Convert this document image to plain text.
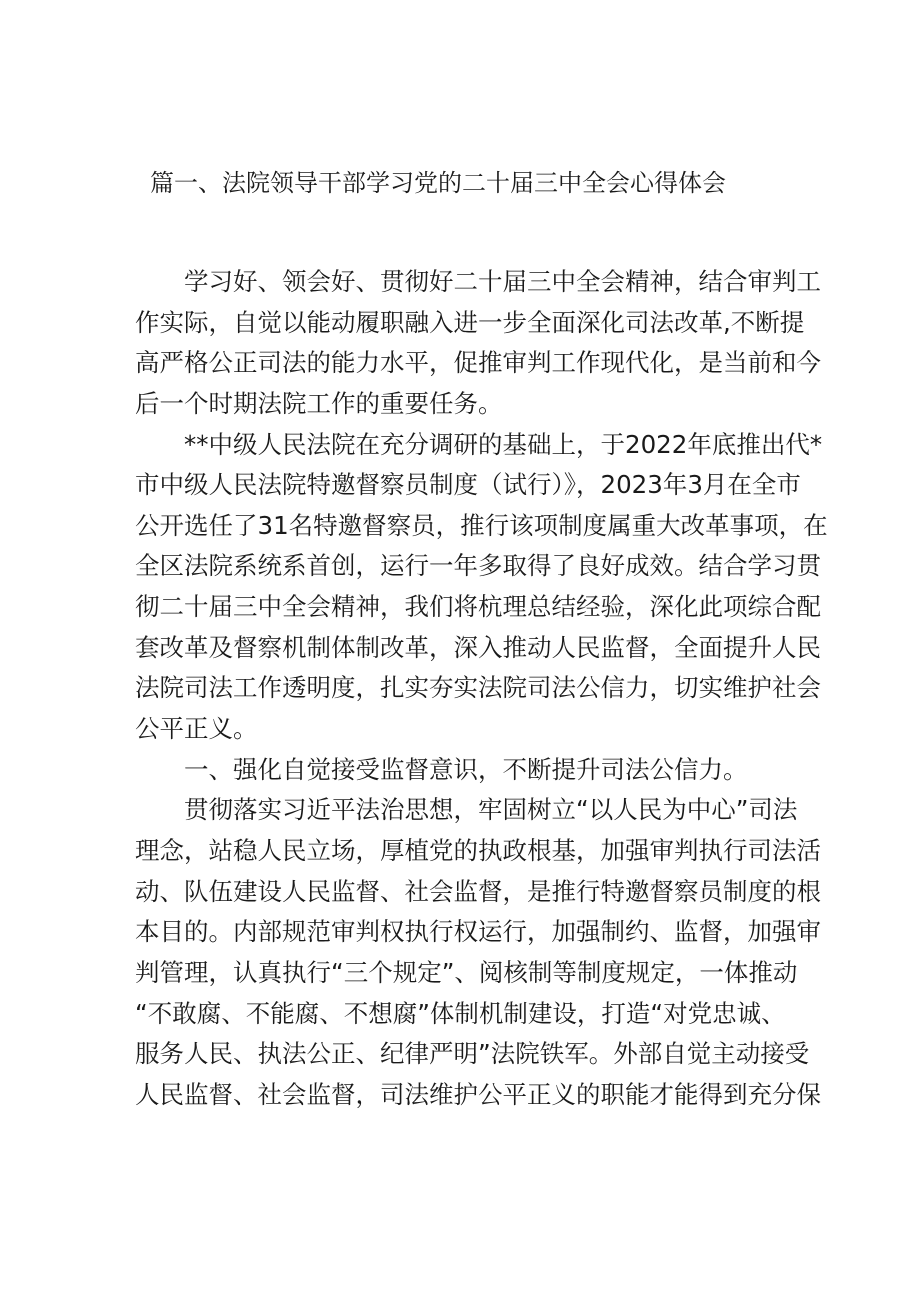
篇一、法院领导干部学习党的二十届三中全会心得体会
学习好、领会好、贯彻好二十届三中全会精神，结合审判工
作实际，自觉以能动履职融入进一步全面深化司法改革,不断提
高严格公正司法的能力水平，促推审判工作现代化，是当前和今
后一个时期法院工作的重要任务。
**中级人民法院在充分调研的基础上，于2022年底推出代*
市中级人民法院特邀督察员制度（试行）》，2023年3月在全市
公开选任了31名特邀督察员，推行该项制度属重大改革事项，在
全区法院系统系首创，运行一年多取得了良好成效。结合学习贯
彻二十届三中全会精神，我们将杭理总结经验，深化此项综合配
套改革及督察机制体制改革，深入推动人民监督，全面提升人民
法院司法工作透明度，扎实夯实法院司法公信力，切实维护社会
公平正义。
一、强化自觉接受监督意识，不断提升司法公信力。
贯彻落实习近平法治思想，牢固树立“以人民为中心”司法
理念，站稳人民立场，厚植党的执政根基，加强审判执行司法活
动、队伍建设人民监督、社会监督，是推行特邀督察员制度的根
本目的。内部规范审判权执行权运行，加强制约、监督，加强审
判管理，认真执行“三个规定”、阅核制等制度规定，一体推动
“不敢腐、不能腐、不想腐”体制机制建设，打造“对党忠诚、
服务人民、执法公正、纪律严明”法院铁军。外部自觉主动接受
人民监督、社会监督，司法维护公平正义的职能才能得到充分保
